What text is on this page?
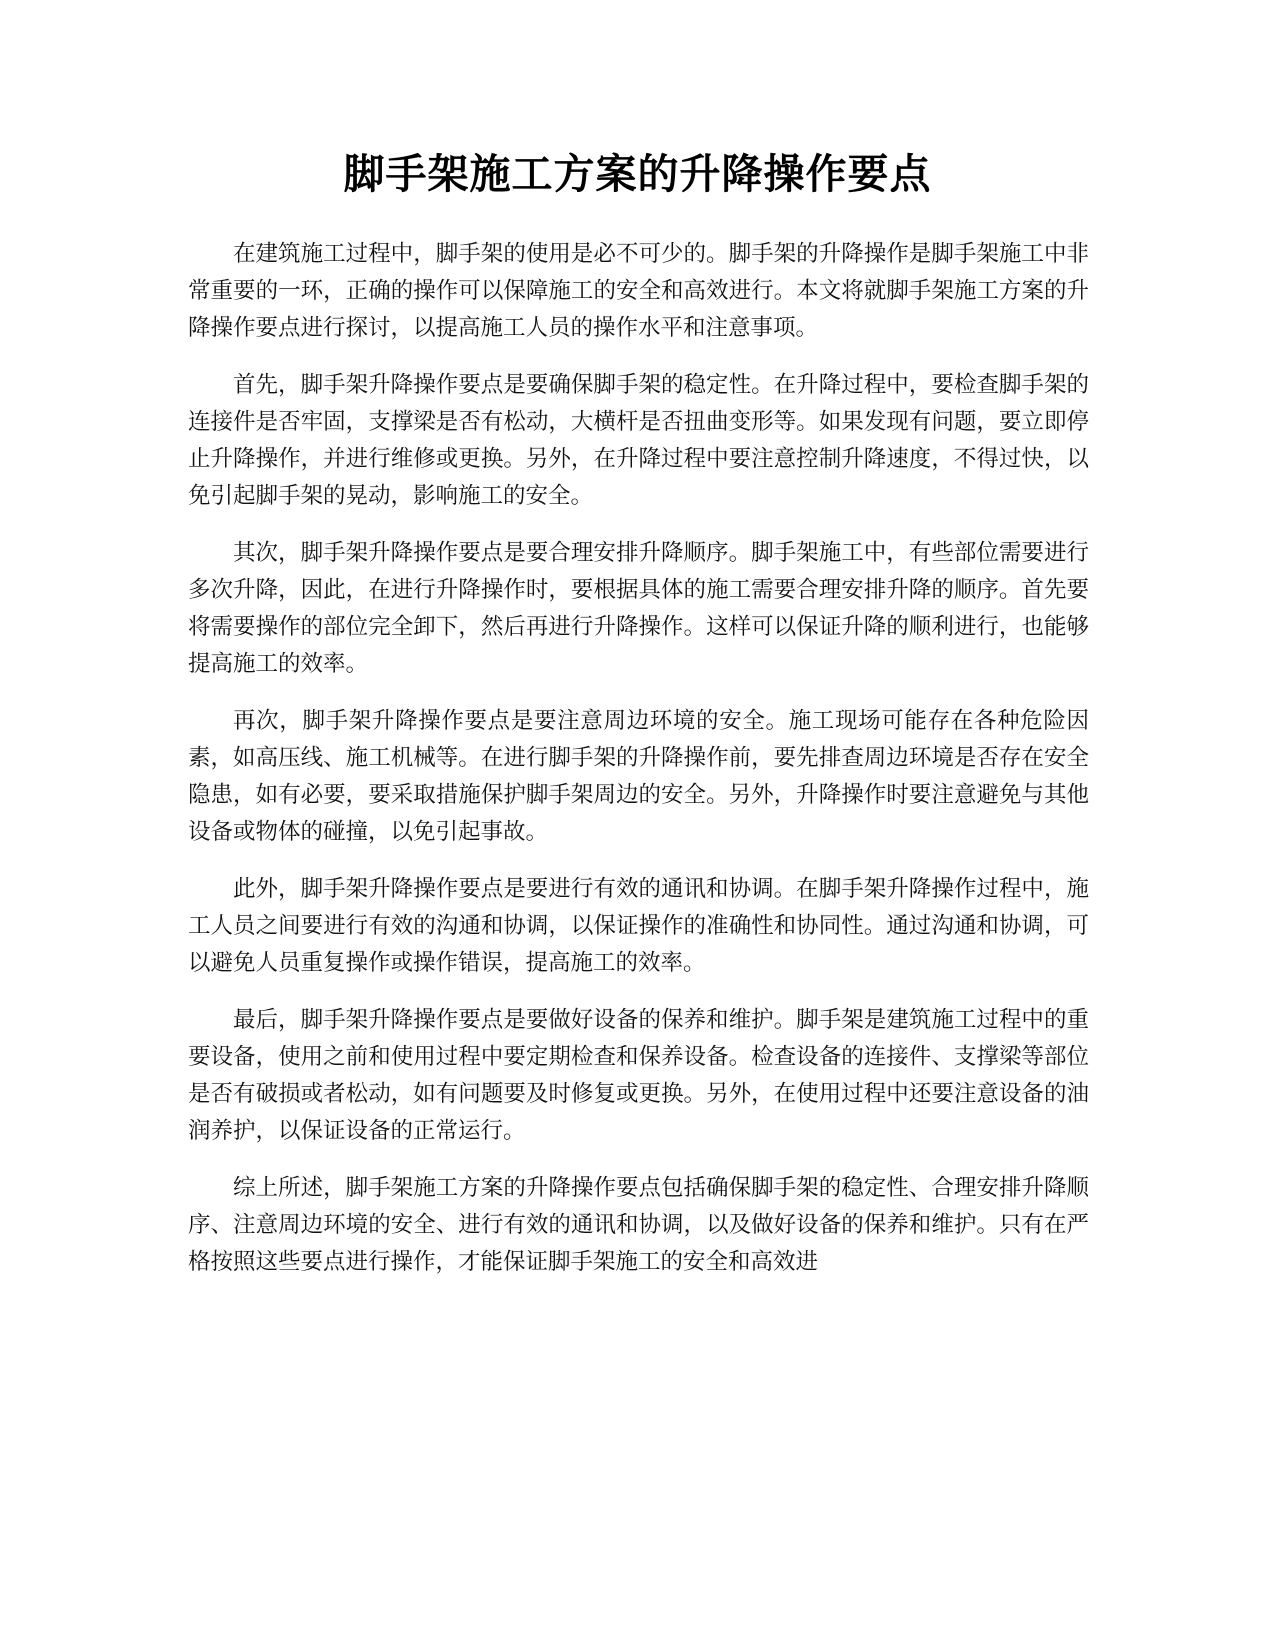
脚手架施工方案的升降操作要点

在建筑施工过程中，脚手架的使用是必不可少的。脚手架的升降操作是脚手架施工中非常重要的一环，正确的操作可以保障施工的安全和高效进行。本文将就脚手架施工方案的升降操作要点进行探讨，以提高施工人员的操作水平和注意事项。

首先，脚手架升降操作要点是要确保脚手架的稳定性。在升降过程中，要检查脚手架的连接件是否牢固，支撑梁是否有松动，大横杆是否扭曲变形等。如果发现有问题，要立即停止升降操作，并进行维修或更换。另外，在升降过程中要注意控制升降速度，不得过快，以免引起脚手架的晃动，影响施工的安全。

其次，脚手架升降操作要点是要合理安排升降顺序。脚手架施工中，有些部位需要进行多次升降，因此，在进行升降操作时，要根据具体的施工需要合理安排升降的顺序。首先要将需要操作的部位完全卸下，然后再进行升降操作。这样可以保证升降的顺利进行，也能够提高施工的效率。

再次，脚手架升降操作要点是要注意周边环境的安全。施工现场可能存在各种危险因素，如高压线、施工机械等。在进行脚手架的升降操作前，要先排查周边环境是否存在安全隐患，如有必要，要采取措施保护脚手架周边的安全。另外，升降操作时要注意避免与其他设备或物体的碰撞，以免引起事故。

此外，脚手架升降操作要点是要进行有效的通讯和协调。在脚手架升降操作过程中，施工人员之间要进行有效的沟通和协调，以保证操作的准确性和协同性。通过沟通和协调，可以避免人员重复操作或操作错误，提高施工的效率。

最后，脚手架升降操作要点是要做好设备的保养和维护。脚手架是建筑施工过程中的重要设备，使用之前和使用过程中要定期检查和保养设备。检查设备的连接件、支撑梁等部位是否有破损或者松动，如有问题要及时修复或更换。另外，在使用过程中还要注意设备的油润养护，以保证设备的正常运行。

综上所述，脚手架施工方案的升降操作要点包括确保脚手架的稳定性、合理安排升降顺序、注意周边环境的安全、进行有效的通讯和协调，以及做好设备的保养和维护。只有在严格按照这些要点进行操作，才能保证脚手架施工的安全和高效进
